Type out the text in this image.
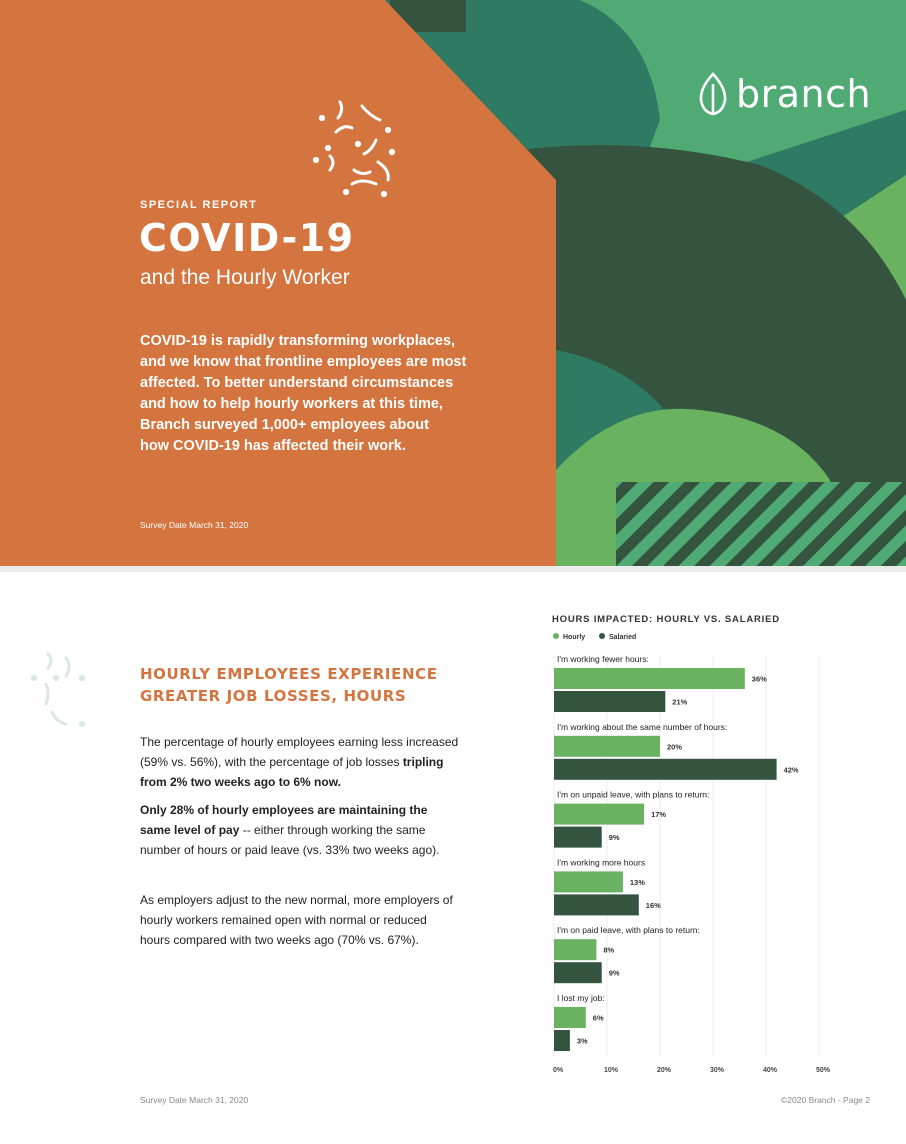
branch
SPECIAL REPORT
COVID-19
and the Hourly Worker
COVID-19 is rapidly transforming workplaces,
and we know that frontline employees are most
affected. To better understand circumstances
and how to help hourly workers at this time,
Branch surveyed 1,000+ employees about
how COVID-19 has affected their work.
Survey Date March 31, 2020
HOURLY EMPLOYEES EXPERIENCE
GREATER JOB LOSSES, HOURS

The percentage of hourly employees earning less increased (59% vs. 56%), with the percentage of job losses tripling from 2% two weeks ago to 6% now.

Only 28% of hourly employees are maintaining the same level of pay -- either through working the same number of hours or paid leave (vs. 33% two weeks ago).

As employers adjust to the new normal, more employers of hourly workers remained open with normal or reduced hours compared with two weeks ago (70% vs. 67%).

0%	10%	20%	30%	40%	50%
HOURS IMPACTED: HOURLY VS. SALARIED
Hourly	Salaried
I'm working fewer hours:
36%
21%
I'm working about the same number of hours:
20%
42%
I'm on unpaid leave, with plans to return:
17%
9%
I'm working more hours
13%
16%
I'm on paid leave, with plans to return:
8%
9%
I lost my job:
6%
3%
Survey Date March 31, 2020	©2020 Branch - Page 2
